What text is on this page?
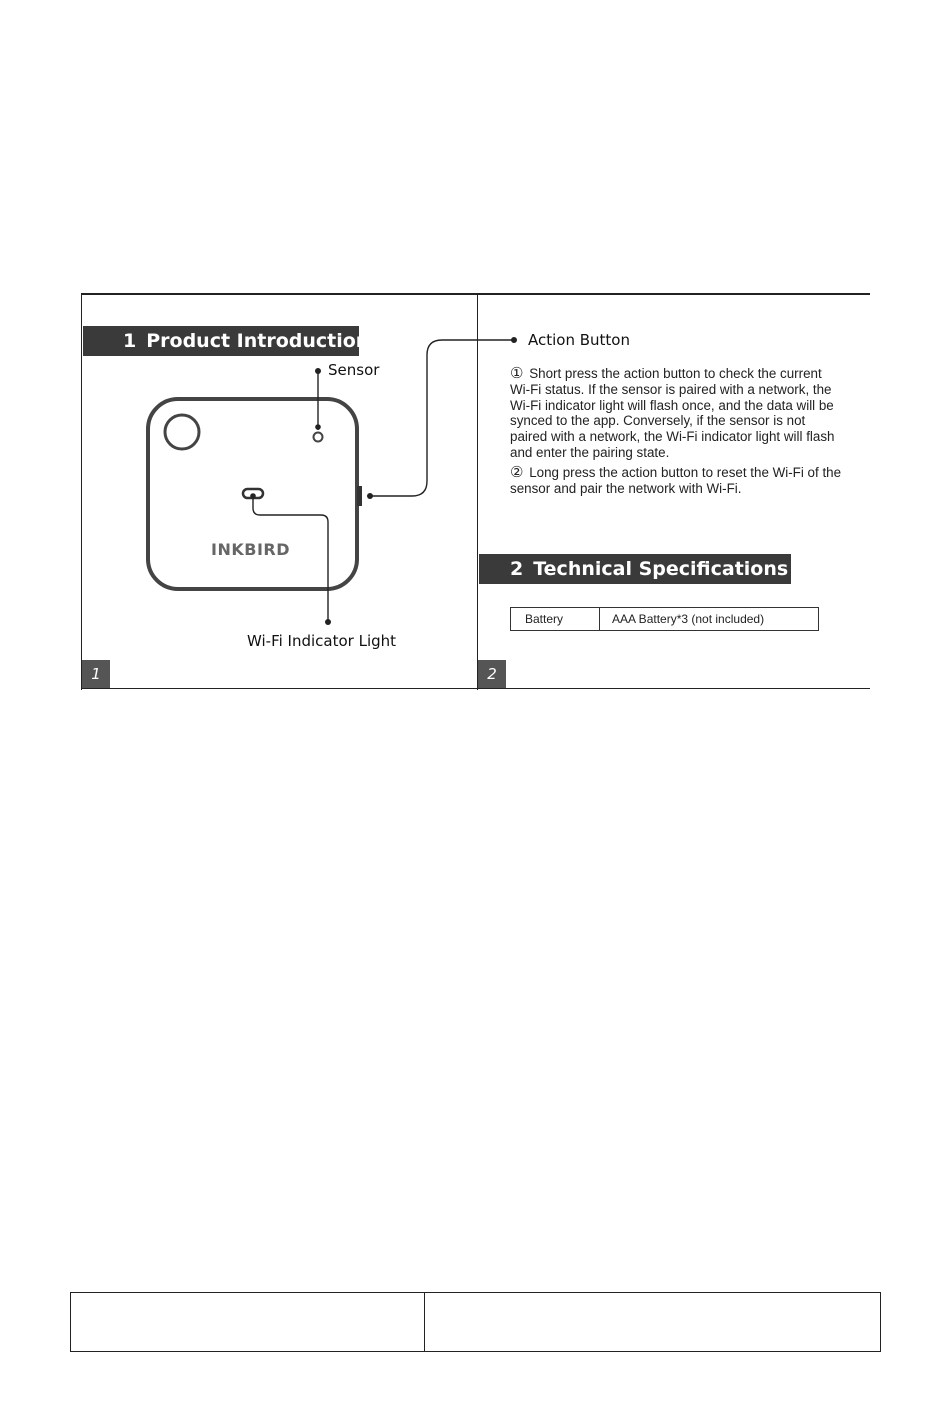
INKBIRD
1 Product Introduction
Sensor
Wi-Fi Indicator Light
1
Action Button
① Short press the action button to check the current Wi-Fi status. If the sensor is paired with a network, the Wi-Fi indicator light will flash once, and the data will be synced to the app. Conversely, if the sensor is not paired with a network, the Wi-Fi indicator light will flash and enter the pairing state.
② Long press the action button to reset the Wi-Fi of the sensor and pair the network with Wi-Fi.
2 Technical Specifications
Battery	AAA Battery*3 (not included)
2
